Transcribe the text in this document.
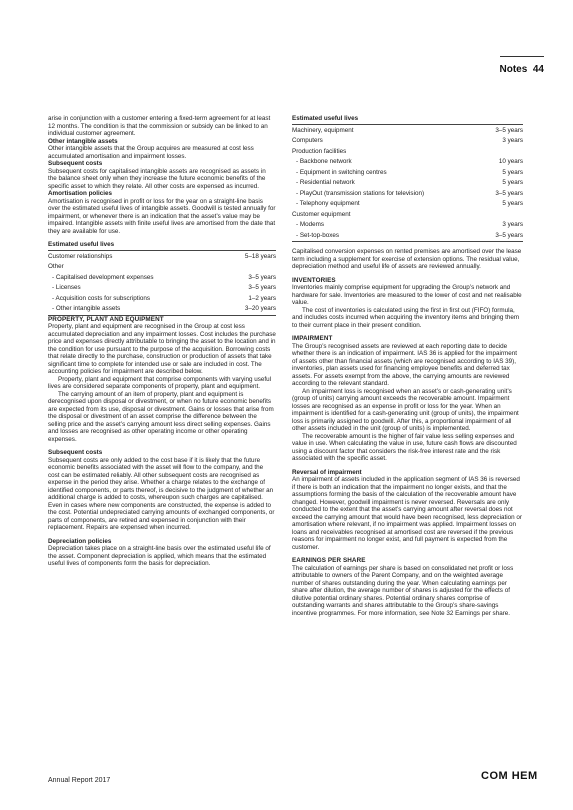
Notes 44

arise in conjunction with a customer entering a fixed-term agreement for at least 12 months. The condition is that the commission or subsidy can be linked to an individual customer agreement.

Other intangible assets

Other intangible assets that the Group acquires are measured at cost less accumulated amortisation and impairment losses.

Subsequent costs

Subsequent costs for capitalised intangible assets are recognised as assets in the balance sheet only when they increase the future economic benefits of the specific asset to which they relate. All other costs are expensed as incurred.

Amortisation policies

Amortisation is recognised in profit or loss for the year on a straight-line basis over the estimated useful lives of intangible assets. Goodwill is tested annually for impairment, or whenever there is an indication that the asset’s value may be impaired. Intangible assets with finite useful lives are amortised from the date that they are available for use.

Estimated useful lives
Customer relationships	5–18 years
Other	
- Capitalised development expenses	3–5 years
- Licenses	3–5 years
- Acquisition costs for subscriptions	1–2 years
- Other intangible assets	3–20 years

PROPERTY, PLANT AND EQUIPMENT

Property, plant and equipment are recognised in the Group at cost less accumulated depreciation and any impairment losses. Cost includes the purchase price and expenses directly attributable to bringing the asset to the location and in the condition for use pursuant to the purpose of the acquisition. Borrowing costs that relate directly to the purchase, construction or production of assets that take significant time to complete for intended use or sale are included in cost. The accounting policies for impairment are described below.

Property, plant and equipment that comprise components with varying useful lives are considered separate components of property, plant and equipment.

The carrying amount of an item of property, plant and equipment is derecognised upon disposal or divestment, or when no future economic benefits are expected from its use, disposal or divestment. Gains or losses that arise from the disposal or divestment of an asset comprise the difference between the selling price and the asset’s carrying amount less direct selling expenses. Gains and losses are recognised as other operating income or other operating expenses.

Subsequent costs

Subsequent costs are only added to the cost base if it is likely that the future economic benefits associated with the asset will flow to the company, and the cost can be estimated reliably. All other subsequent costs are recognised as expense in the period they arise. Whether a charge relates to the exchange of identified components, or parts thereof, is decisive to the judgment of whether an additional charge is added to costs, whereupon such charges are capitalised. Even in cases where new components are constructed, the expense is added to the cost. Potential undepreciated carrying amounts of exchanged components, or parts of components, are retired and expensed in conjunction with their replacement. Repairs are expensed when incurred.

Depreciation policies

Depreciation takes place on a straight-line basis over the estimated useful life of the asset. Component depreciation is applied, which means that the estimated useful lives of components form the basis for depreciation.

Estimated useful lives
Machinery, equipment	3–5 years
Computers	3 years
Production facilities	
- Backbone network	10 years
- Equipment in switching centres	5 years
- Residential network	5 years
- PlayOut (transmission stations for television)	3–5 years
- Telephony equipment	5 years
Customer equipment	
- Modems	3 years
- Set-top-boxes	3–5 years

Capitalised conversion expenses on rented premises are amortised over the lease term including a supplement for exercise of extension options. The residual value, depreciation method and useful life of assets are reviewed annually.

INVENTORIES

Inventories mainly comprise equipment for upgrading the Group’s network and hardware for sale. Inventories are measured to the lower of cost and net realisable value.

The cost of inventories is calculated using the first in first out (FIFO) formula, and includes costs incurred when acquiring the inventory items and bringing them to their current place in their present condition.

IMPAIRMENT

The Group’s recognised assets are reviewed at each reporting date to decide whether there is an indication of impairment. IAS 36 is applied for the impairment of assets other than financial assets (which are recognised according to IAS 39), inventories, plan assets used for financing employee benefits and deferred tax assets. For assets exempt from the above, the carrying amounts are reviewed according to the relevant standard.

An impairment loss is recognised when an asset’s or cash-generating unit’s (group of units) carrying amount exceeds the recoverable amount. Impairment losses are recognised as an expense in profit or loss for the year. When an impairment is identified for a cash-generating unit (group of units), the impairment loss is primarily assigned to goodwill. After this, a proportional impairment of all other assets included in the unit (group of units) is implemented.

The recoverable amount is the higher of fair value less selling expenses and value in use. When calculating the value in use, future cash flows are discounted using a discount factor that considers the risk-free interest rate and the risk associated with the specific asset.

Reversal of impairment

An impairment of assets included in the application segment of IAS 36 is reversed if there is both an indication that the impairment no longer exists, and that the assumptions forming the basis of the calculation of the recoverable amount have changed. However, goodwill impairment is never reversed. Reversals are only conducted to the extent that the asset’s carrying amount after reversal does not exceed the carrying amount that would have been recognised, less depreciation or amortisation where relevant, if no impairment was applied. Impairment losses on loans and receivables recognised at amortised cost are reversed if the previous reasons for impairment no longer exist, and full payment is expected from the customer.

EARNINGS PER SHARE

The calculation of earnings per share is based on consolidated net profit or loss attributable to owners of the Parent Company, and on the weighted average number of shares outstanding during the year. When calculating earnings per share after dilution, the average number of shares is adjusted for the effects of dilutive potential ordinary shares. Potential ordinary shares comprise of outstanding warrants and shares attributable to the Group’s share-savings incentive programmes. For more information, see Note 32 Earnings per share.

Annual Report 2017	COM HEM
